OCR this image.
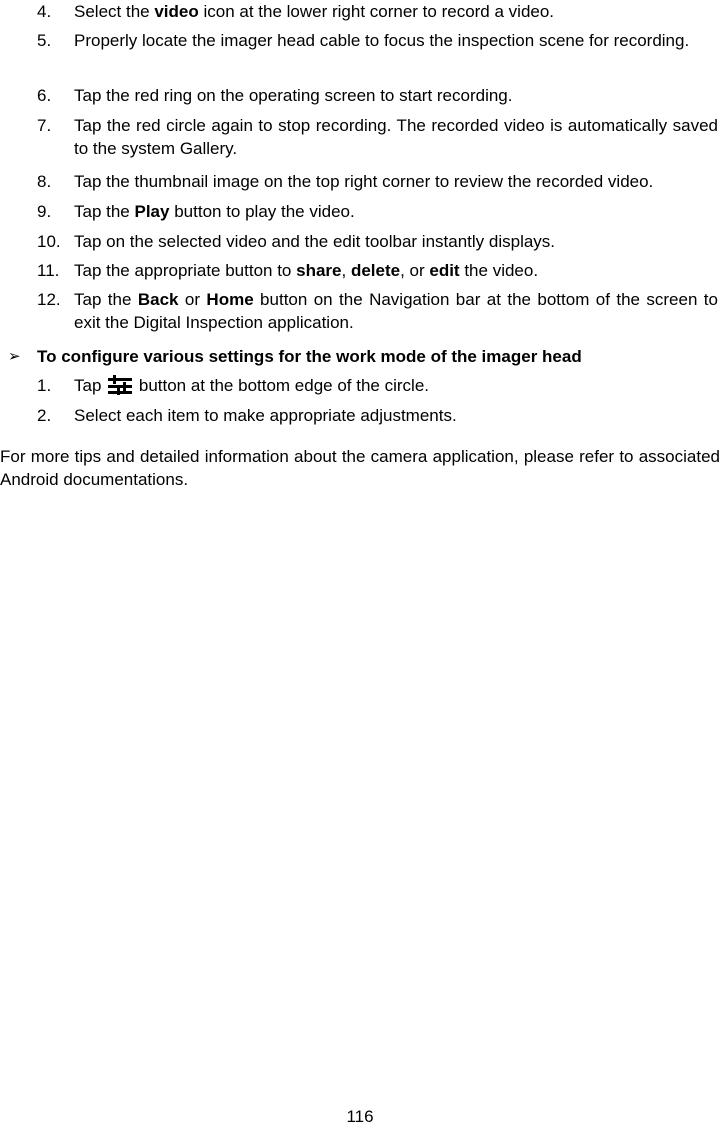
4. Select the video icon at the lower right corner to record a video.
5. Properly locate the imager head cable to focus the inspection scene for recording.
6. Tap the red ring on the operating screen to start recording.
7. Tap the red circle again to stop recording. The recorded video is automatically saved to the system Gallery.
8. Tap the thumbnail image on the top right corner to review the recorded video.
9. Tap the Play button to play the video.
10. Tap on the selected video and the edit toolbar instantly displays.
11. Tap the appropriate button to share, delete, or edit the video.
12. Tap the Back or Home button on the Navigation bar at the bottom of the screen to exit the Digital Inspection application.
➢ To configure various settings for the work mode of the imager head
1. Tap  button at the bottom edge of the circle.
2. Select each item to make appropriate adjustments.
For more tips and detailed information about the camera application, please refer to associated Android documentations.
116
